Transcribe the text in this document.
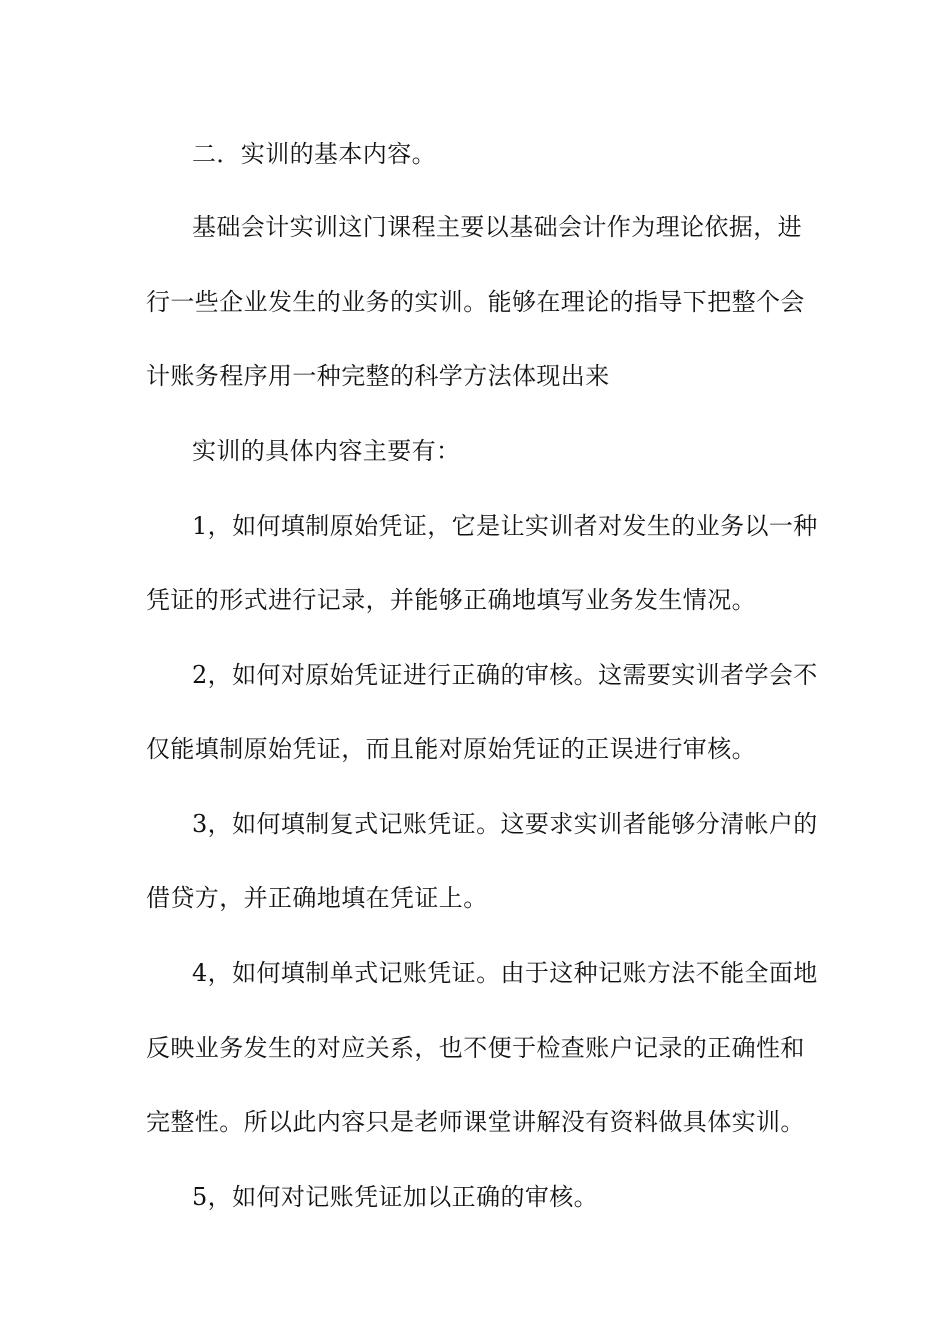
二．实训的基本内容。
基础会计实训这门课程主要以基础会计作为理论依据，进
行一些企业发生的业务的实训。能够在理论的指导下把整个会
计账务程序用一种完整的科学方法体现出来
实训的具体内容主要有：
1，如何填制原始凭证，它是让实训者对发生的业务以一种
凭证的形式进行记录，并能够正确地填写业务发生情况。
2，如何对原始凭证进行正确的审核。这需要实训者学会不
仅能填制原始凭证，而且能对原始凭证的正误进行审核。
3，如何填制复式记账凭证。这要求实训者能够分清帐户的
借贷方，并正确地填在凭证上。
4，如何填制单式记账凭证。由于这种记账方法不能全面地
反映业务发生的对应关系，也不便于检查账户记录的正确性和
完整性。所以此内容只是老师课堂讲解没有资料做具体实训。
5，如何对记账凭证加以正确的审核。
